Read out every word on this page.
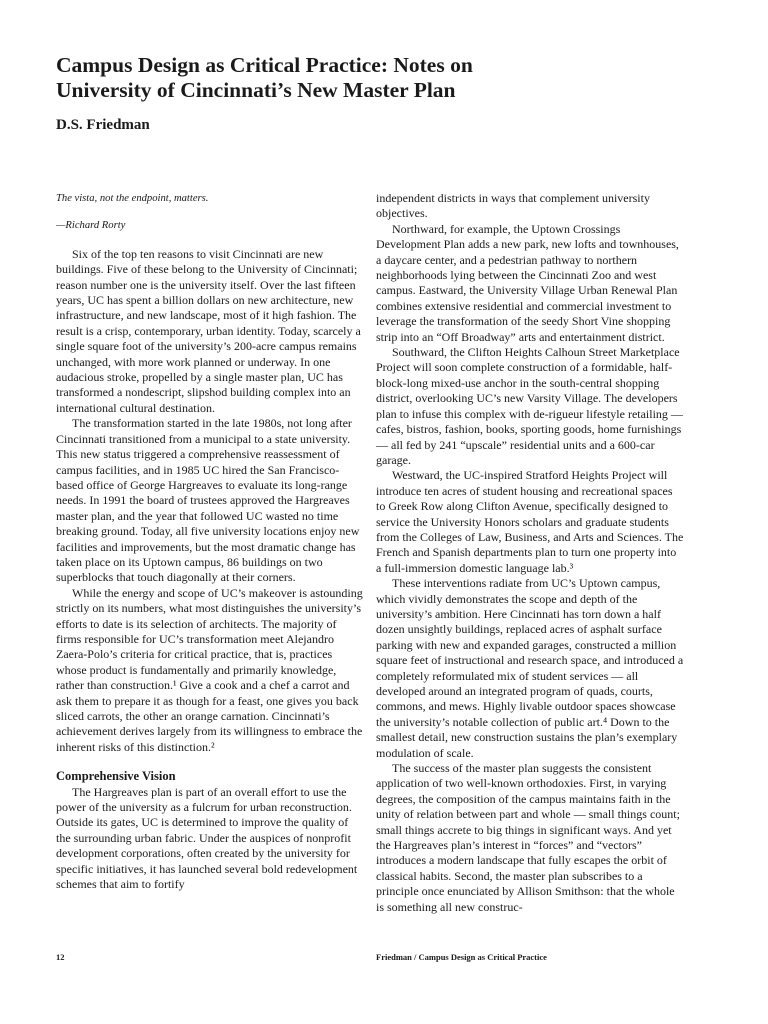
Campus Design as Critical Practice: Notes on
University of Cincinnati’s New Master Plan
D.S. Friedman

The vista, not the endpoint, matters.

—Richard Rorty

Six of the top ten reasons to visit Cincinnati are new buildings. Five of these belong to the University of Cincinnati; reason number one is the university itself. Over the last fifteen years, UC has spent a billion dollars on new architecture, new infrastructure, and new landscape, most of it high fashion. The result is a crisp, contemporary, urban identity. Today, scarcely a single square foot of the university’s 200-acre campus remains unchanged, with more work planned or underway. In one audacious stroke, propelled by a single master plan, UC has transformed a nondescript, slipshod building complex into an international cultural destination.

The transformation started in the late 1980s, not long after Cincinnati transitioned from a municipal to a state university. This new status triggered a comprehensive reassessment of campus facilities, and in 1985 UC hired the San Francisco-based office of George Hargreaves to evaluate its long-range needs. In 1991 the board of trustees approved the Hargreaves master plan, and the year that followed UC wasted no time breaking ground. Today, all five university locations enjoy new facilities and improvements, but the most dramatic change has taken place on its Uptown campus, 86 buildings on two superblocks that touch diagonally at their corners.

While the energy and scope of UC’s makeover is astounding strictly on its numbers, what most distinguishes the university’s efforts to date is its selection of architects. The majority of firms responsible for UC’s transformation meet Alejandro Zaera-Polo’s criteria for critical practice, that is, practices whose product is fundamentally and primarily knowledge, rather than construction.¹ Give a cook and a chef a carrot and ask them to prepare it as though for a feast, one gives you back sliced carrots, the other an orange carnation. Cincinnati’s achievement derives largely from its willingness to embrace the inherent risks of this distinction.²

Comprehensive Vision

The Hargreaves plan is part of an overall effort to use the power of the university as a fulcrum for urban reconstruction. Outside its gates, UC is determined to improve the quality of the surrounding urban fabric. Under the auspices of nonprofit development corporations, often created by the university for specific initiatives, it has launched several bold redevelopment schemes that aim to fortify

independent districts in ways that complement university objectives.

Northward, for example, the Uptown Crossings Development Plan adds a new park, new lofts and townhouses, a daycare center, and a pedestrian pathway to northern neighborhoods lying between the Cincinnati Zoo and west campus. Eastward, the University Village Urban Renewal Plan combines extensive residential and commercial investment to leverage the transformation of the seedy Short Vine shopping strip into an “Off Broadway” arts and entertainment district.

Southward, the Clifton Heights Calhoun Street Marketplace Project will soon complete construction of a formidable, half-block-long mixed-use anchor in the south-central shopping district, overlooking UC’s new Varsity Village. The developers plan to infuse this complex with de-rigueur lifestyle retailing — cafes, bistros, fashion, books, sporting goods, home furnishings — all fed by 241 “upscale” residential units and a 600-car garage.

Westward, the UC-inspired Stratford Heights Project will introduce ten acres of student housing and recreational spaces to Greek Row along Clifton Avenue, specifically designed to service the University Honors scholars and graduate students from the Colleges of Law, Business, and Arts and Sciences. The French and Spanish departments plan to turn one property into a full-immersion domestic language lab.³

These interventions radiate from UC’s Uptown campus, which vividly demonstrates the scope and depth of the university’s ambition. Here Cincinnati has torn down a half dozen unsightly buildings, replaced acres of asphalt surface parking with new and expanded garages, constructed a million square feet of instructional and research space, and introduced a completely reformulated mix of student services — all developed around an integrated program of quads, courts, commons, and mews. Highly livable outdoor spaces showcase the university’s notable collection of public art.⁴ Down to the smallest detail, new construction sustains the plan’s exemplary modulation of scale.

The success of the master plan suggests the consistent application of two well-known orthodoxies. First, in varying degrees, the composition of the campus maintains faith in the unity of relation between part and whole — small things count; small things accrete to big things in significant ways. And yet the Hargreaves plan’s interest in “forces” and “vectors” introduces a modern landscape that fully escapes the orbit of classical habits. Second, the master plan subscribes to a principle once enunciated by Allison Smithson: that the whole is something all new construc-

12	Friedman / Campus Design as Critical Practice
